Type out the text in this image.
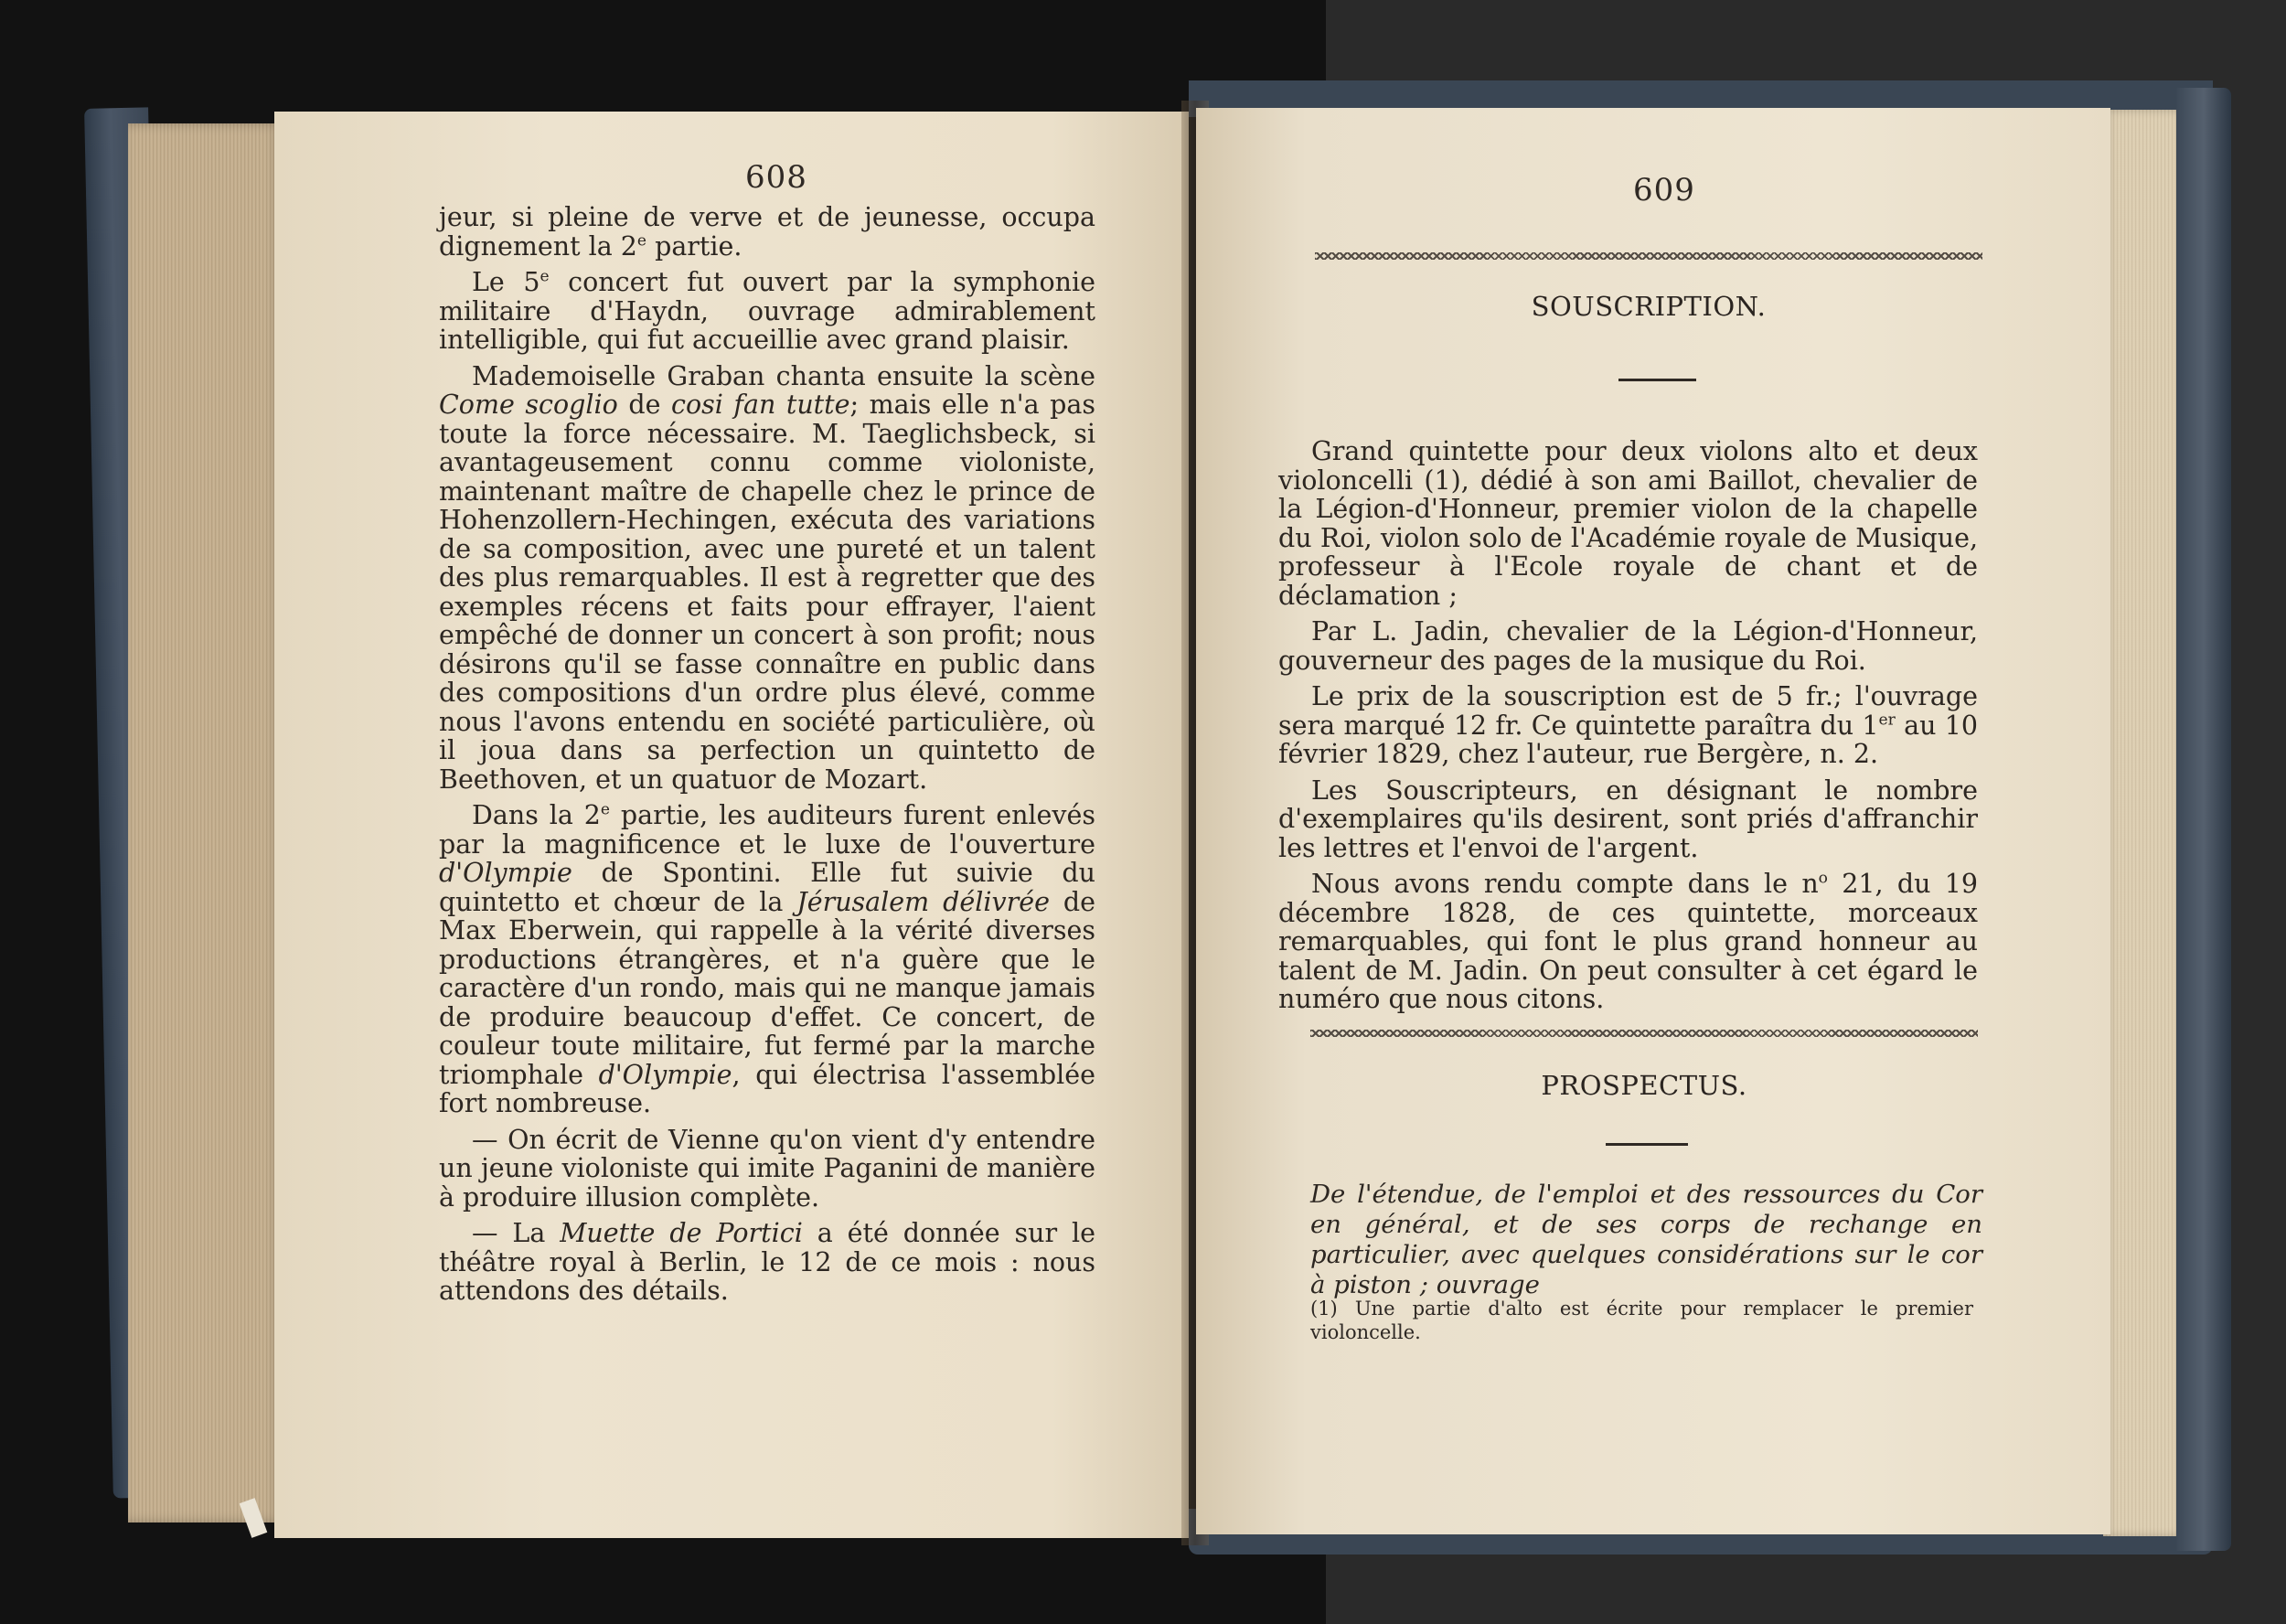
608

jeur, si pleine de verve et de jeunesse, occupa dignement la 2e partie.

Le 5e concert fut ouvert par la symphonie militaire d'Haydn, ouvrage admirablement intelligible, qui fut accueillie avec grand plaisir.

Mademoiselle Graban chanta ensuite la scène Come scoglio de cosi fan tutte; mais elle n'a pas toute la force nécessaire. M. Taeglichsbeck, si avantageusement connu comme violoniste, maintenant maître de chapelle chez le prince de Hohenzollern-Hechingen, exécuta des variations de sa composition, avec une pureté et un talent des plus remarquables. Il est à regretter que des exemples récens et faits pour effrayer, l'aient empêché de donner un concert à son profit; nous désirons qu'il se fasse connaître en public dans des compositions d'un ordre plus élevé, comme nous l'avons entendu en société particulière, où il joua dans sa perfection un quintetto de Beethoven, et un quatuor de Mozart.

Dans la 2e partie, les auditeurs furent enlevés par la magnificence et le luxe de l'ouverture d'Olympie de Spontini. Elle fut suivie du quintetto et chœur de la Jérusalem délivrée de Max Eberwein, qui rappelle à la vérité diverses productions étrangères, et n'a guère que le caractère d'un rondo, mais qui ne manque jamais de produire beaucoup d'effet. Ce concert, de couleur toute militaire, fut fermé par la marche triomphale d'Olympie, qui électrisa l'assemblée fort nombreuse.

— On écrit de Vienne qu'on vient d'y entendre un jeune violoniste qui imite Paganini de manière à produire illusion complète.

— La Muette de Portici a été donnée sur le théâtre royal à Berlin, le 12 de ce mois : nous attendons des détails.

609
SOUSCRIPTION.

Grand quintette pour deux violons alto et deux violoncelli (1), dédié à son ami Baillot, chevalier de la Légion-d'Honneur, premier violon de la chapelle du Roi, violon solo de l'Académie royale de Musique, professeur à l'Ecole royale de chant et de déclamation ;

Par L. Jadin, chevalier de la Légion-d'Honneur, gouverneur des pages de la musique du Roi.

Le prix de la souscription est de 5 fr.; l'ouvrage sera marqué 12 fr. Ce quintette paraîtra du 1er au 10 février 1829, chez l'auteur, rue Bergère, n. 2.

Les Souscripteurs, en désignant le nombre d'exemplaires qu'ils desirent, sont priés d'affranchir les lettres et l'envoi de l'argent.

Nous avons rendu compte dans le $n^o$ 21, du 19 décembre 1828, de ces quintette, morceaux remarquables, qui font le plus grand honneur au talent de M. Jadin. On peut consulter à cet égard le numéro que nous citons.

PROSPECTUS.
De l'étendue, de l'emploi et des ressources du Cor en général, et de ses corps de rechange en particulier, avec quelques considérations sur le cor à piston ; ouvrage
(1) Une partie d'alto est écrite pour remplacer le premier violoncelle.
